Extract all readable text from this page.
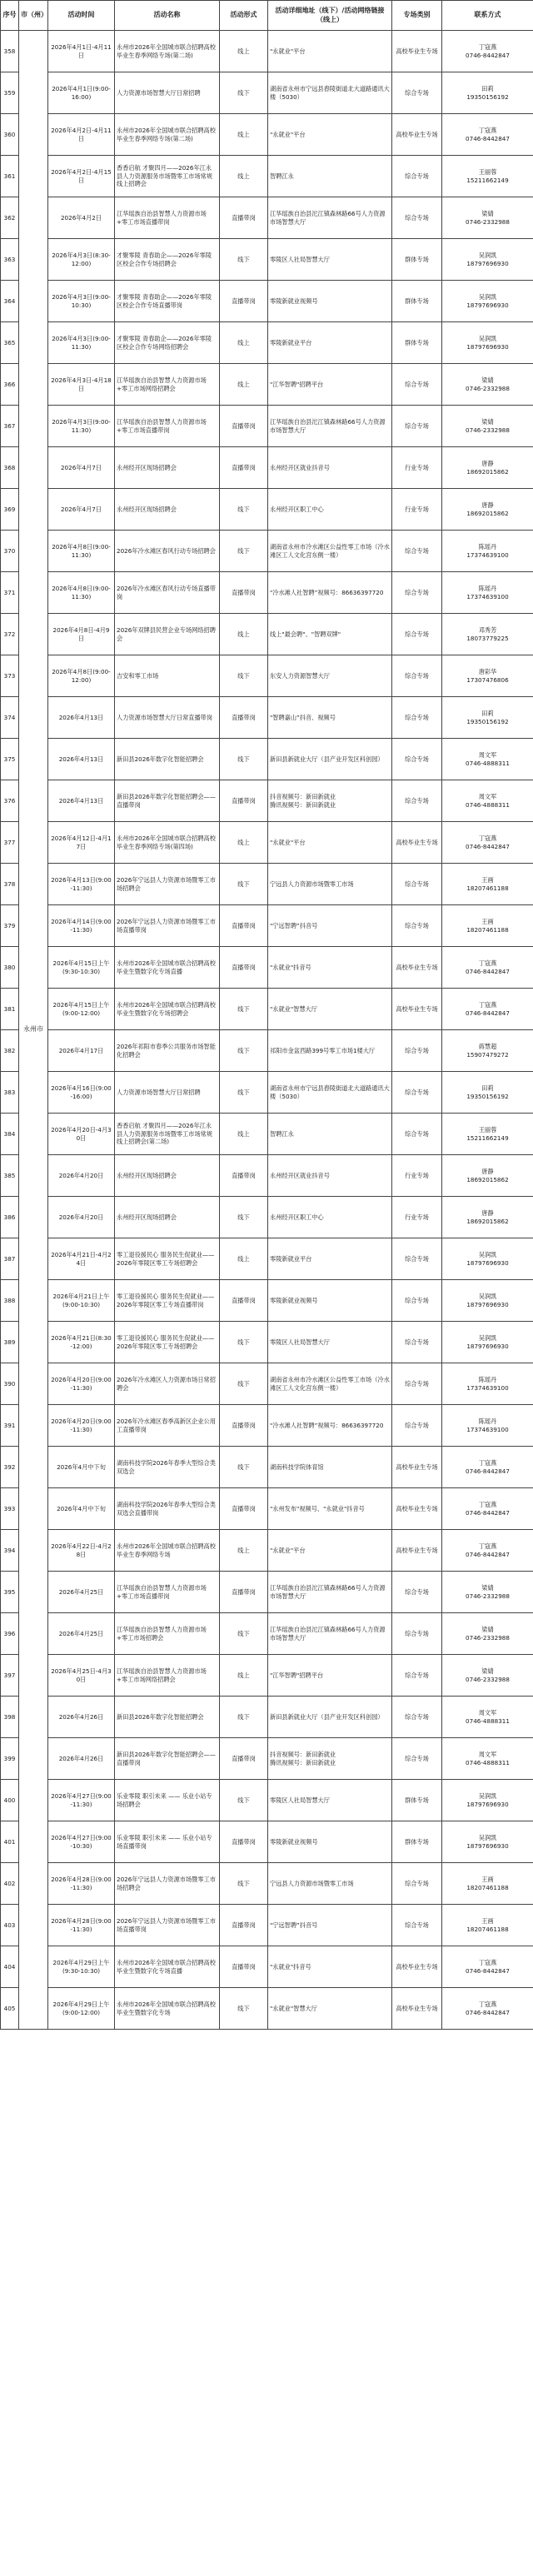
序号	市（州）	活动时间	活动名称	活动形式	活动详细地址（线下）/活动网络链接（线上）	专场类别	联系方式
358	永州市	2026年4月1日-4月11日	永州市2026年全国城市联合招聘高校毕业生春季网络专场(第二场)	线上	"永就业"平台	高校毕业生专场	丁寇燕
0746-8442847
359		2026年4月1日(9:00-16:00)	人力资源市场智慧大厅日常招聘	线下	湖南省永州市宁远县舂陵街道北大道路通讯大楼（5030）	综合专场	田莉
19350156192
360		2026年4月2日-4月11日	永州市2026年全国城市联合招聘高校毕业生春季网络专场(第二场)	线上	"永就业"平台	高校毕业生专场	丁寇燕
0746-8442847
361		2026年4月2日-4月15日	香香启航 才聚四月——2026年江永县人力资源服务市场暨零工市场常规线上招聘会	线上	智聘江永	综合专场	王丽蓉
15211662149
362		2026年4月2日	江华瑶族自治县智慧人力资源市场+零工市场直播带岗	直播带岗	江华瑶族自治县沱江镇森林路66号人力资源市场智慧大厅	综合专场	梁婧
0746-2332988
363		2026年4月3日(8:30-12:00)	才聚零陵 青春助企——2026年零陵区校企合作专场招聘会	线下	零陵区人社局智慧大厅	群体专场	吴润凯
18797696930
364		2026年4月3日(9:00-10:30)	才聚零陵 青春助企——2026年零陵区校企合作专场直播带岗	直播带岗	零陵新就业视频号	群体专场	吴润凯
18797696930
365		2026年4月3日(9:00-11:30)	才聚零陵 青春助企——2026年零陵区校企合作专场网络招聘会	线上	零陵新就业平台	群体专场	吴润凯
18797696930
366		2026年4月3日-4月18日	江华瑶族自治县智慧人力资源市场+零工市场网络招聘会	线上	"江华智聘"招聘平台	综合专场	梁婧
0746-2332988
367		2026年4月3日(9:00-11:30)	江华瑶族自治县智慧人力资源市场+零工市场直播带岗	直播带岗	江华瑶族自治县沱江镇森林路66号人力资源市场智慧大厅	综合专场	梁婧
0746-2332988
368		2026年4月7日	永州经开区现场招聘会	直播带岗	永州经开区就业抖音号	行业专场	唐静
18692015862
369		2026年4月7日	永州经开区现场招聘会	线下	永州经开区职工中心	行业专场	唐静
18692015862
370		2026年4月8日(9:00-11:30)	2026年冷水滩区春风行动专场招聘会	线下	湖南省永州市冷水滩区公益性零工市场（冷水滩区工人文化宫东侧一楼）	综合专场	陈瑶丹
17374639100
371		2026年4月8日(9:00-11:30)	2026年冷水滩区春风行动专场直播带岗	直播带岗	"冷水滩人社智聘”视频号：86636397720	综合专场	陈瑶丹
17374639100
372		2026年4月8日-4月9日	2026年双牌县民营企业专场网络招聘会	线上	线上"最会聘"、"智聘双牌"	综合专场	邓秀芳
18073779225
373		2026年4月8日(9:00-12:00)	吉安和零工市场	线下	东安人力资源智慧大厅	综合专场	唐彩华
17307476806
374		2026年4月13日	人力资源市场智慧大厅日常直播带岗	直播带岗	"智聘嘉山”抖音、视频号	综合专场	田莉
19350156192
375		2026年4月13日	新田县2026年数字化智能招聘会	线下	新田县新就业大厅（县产业开发区科创园）	综合专场	周文军
0746-4888311
376		2026年4月13日	新田县2026年数字化智能招聘会——直播带岗	直播带岗	抖音视频号：新田新就业
腾讯视频号：新田新就业	综合专场	周文军
0746-4888311
377		2026年4月12日-4月17日	永州市2026年全国城市联合招聘高校毕业生春季网络专场(第四场)	线上	"永就业"平台	高校毕业生专场	丁寇燕
0746-8442847
378		2026年4月13日(9:00-11:30)	2026年宁远县人力资源市场暨零工市场招聘会	线下	宁远县人力资源市场暨零工市场	综合专场	王画
18207461188
379		2026年4月14日(9:00-11:30)	2026年宁远县人力资源市场暨零工市场直播带岗	直播带岗	"宁远智聘”抖音号	综合专场	王画
18207461188
380		2026年4月15日上午(9:30-10:30)	永州市2026年全国城市联合招聘高校毕业生暨数字化专场直播	直播带岗	"永就业"抖音号	高校毕业生专场	丁寇燕
0746-8442847
381		2026年4月15日上午(9:00-12:00)	永州市2026年全国城市联合招聘高校毕业生暨数字化专场招聘会	线下	"永就业"智慧大厅	高校毕业生专场	丁寇燕
0746-8442847
382		2026年4月17日	2026年祁阳市春季公共服务市场智能化招聘会	线下	祁阳市金盆西路399号零工市场1楼大厅	综合专场	蒋慧超
15907479272
383		2026年4月16日(9:00-16:00)	人力资源市场智慧大厅日常招聘	线下	湖南省永州市宁远县舂陵街道北大道路通讯大楼（5030）	综合专场	田莉
19350156192
384		2026年4月20日-4月30日	香香启航 才聚四月——2026年江永县人力资源服务市场暨零工市场常规线上招聘会(第二场)	线上	智聘江永	综合专场	王丽蓉
15211662149
385		2026年4月20日	永州经开区现场招聘会	直播带岗	永州经开区就业抖音号	行业专场	唐静
18692015862
386		2026年4月20日	永州经开区现场招聘会	线下	永州经开区职工中心	行业专场	唐静
18692015862
387		2026年4月21日-4月24日	零工退役援民心 服务民生促就业——2026年零陵区零工专场招聘会	线上	零陵新就业平台	综合专场	吴润凯
18797696930
388		2026年4月21日上午(9:00-10:30)	零工退役援民心 服务民生促就业——2026年零陵区零工专场直播带岗	直播带岗	零陵新就业视频号	综合专场	吴润凯
18797696930
389		2026年4月21日(8:30-12:00)	零工退役援民心 服务民生促就业——2026年零陵区零工专场招聘会	线下	零陵区人社局智慧大厅	综合专场	吴润凯
18797696930
390		2026年4月20日(9:00-11:30)	2026年冷水滩区人力资源市场日常招聘会	线下	湖南省永州市冷水滩区公益性零工市场（冷水滩区工人文化宫东侧一楼）	综合专场	陈瑶丹
17374639100
391		2026年4月20日(9:00-11:30)	2026年冷水滩区春季高新区企业公用工直播带岗	直播带岗	"冷水滩人社智聘”视频号：86636397720	综合专场	陈瑶丹
17374639100
392		2026年4月中下旬	湖南科技学院2026年春季大型综合类双选会	线下	湖南科技学院体育馆	高校毕业生专场	丁寇燕
0746-8442847
393		2026年4月中下旬	湖南科技学院2026年春季大型综合类双选会直播带岗	直播带岗	"永州发布"视频号、"永就业"抖音号	高校毕业生专场	丁寇燕
0746-8442847
394		2026年4月22日-4月28日	永州市2026年全国城市联合招聘高校毕业生春季网络专场	线上	"永就业"平台	高校毕业生专场	丁寇燕
0746-8442847
395		2026年4月25日	江华瑶族自治县智慧人力资源市场+零工市场直播带岗	直播带岗	江华瑶族自治县沱江镇森林路66号人力资源市场智慧大厅	综合专场	梁婧
0746-2332988
396		2026年4月25日	江华瑶族自治县智慧人力资源市场+零工市场招聘会	线下	江华瑶族自治县沱江镇森林路66号人力资源市场智慧大厅	综合专场	梁婧
0746-2332988
397		2026年4月25日-4月30日	江华瑶族自治县智慧人力资源市场+零工市场网络招聘会	线上	"江华智聘"招聘平台	综合专场	梁婧
0746-2332988
398		2026年4月26日	新田县2026年数字化智能招聘会	线下	新田县新就业大厅（县产业开发区科创园）	综合专场	周文军
0746-4888311
399		2026年4月26日	新田县2026年数字化智能招聘会——直播带岗	直播带岗	抖音视频号：新田新就业
腾讯视频号：新田新就业	综合专场	周文军
0746-4888311
400		2026年4月27日(9:00-11:30)	乐业零陵 职引未来 —— 乐业小站专场招聘会	线下	零陵区人社局智慧大厅	群体专场	吴润凯
18797696930
401		2026年4月27日(9:00-10:30)	乐业零陵 职引未来 —— 乐业小站专场直播带岗	直播带岗	零陵新就业视频号	群体专场	吴润凯
18797696930
402		2026年4月28日(9:00-11:30)	2026年宁远县人力资源市场暨零工市场招聘会	线下	宁远县人力资源市场暨零工市场	综合专场	王画
18207461188
403		2026年4月28日(9:00-11:30)	2026年宁远县人力资源市场暨零工市场直播带岗	直播带岗	"宁远智聘”抖音号	综合专场	王画
18207461188
404		2026年4月29日上午(9:30-10:30)	永州市2026年全国城市联合招聘高校毕业生暨数字化专场直播	直播带岗	"永就业"抖音号	高校毕业生专场	丁寇燕
0746-8442847
405		2026年4月29日上午(9:00-12:00)	永州市2026年全国城市联合招聘高校毕业生暨数字化专场	线下	"永就业"智慧大厅	高校毕业生专场	丁寇燕
0746-8442847
